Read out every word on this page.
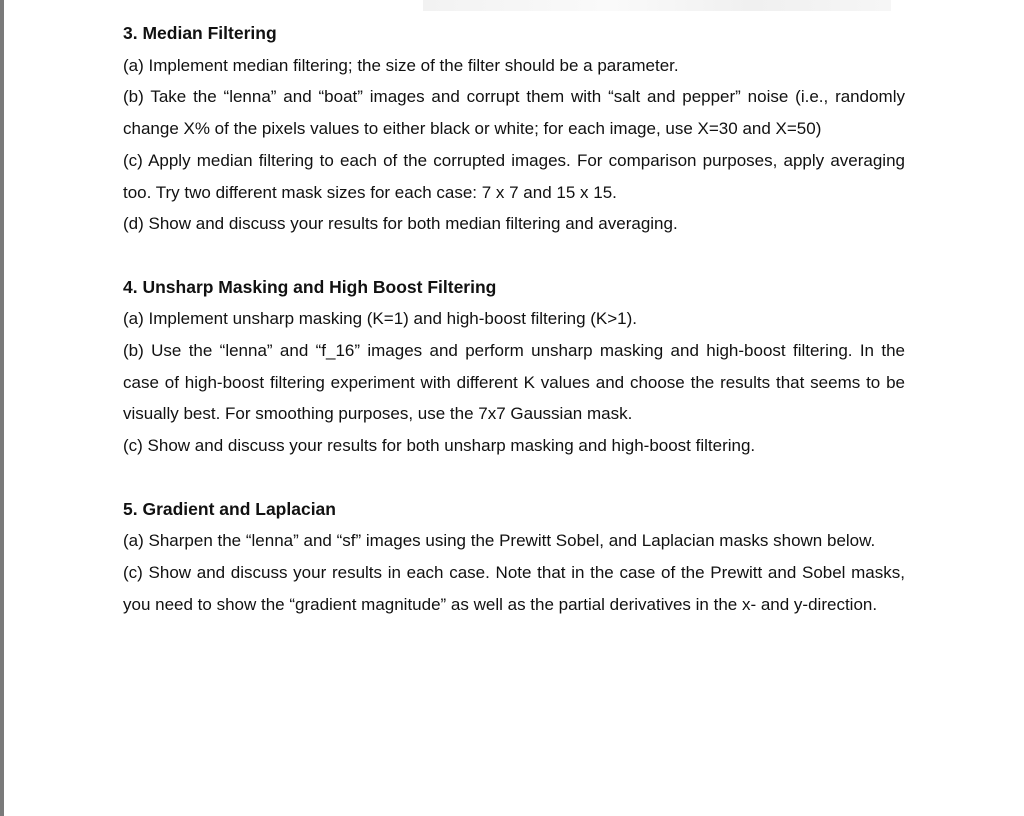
3. Median Filtering
(a) Implement median filtering; the size of the filter should be a parameter.
(b) Take the “lenna” and “boat” images and corrupt them with “salt and pepper” noise (i.e., randomly change X% of the pixels values to either black or white; for each image, use X=30 and X=50)
(c) Apply median filtering to each of the corrupted images. For comparison purposes, apply averaging too. Try two different mask sizes for each case: 7 x 7 and 15 x 15.
(d) Show and discuss your results for both median filtering and averaging.
4. Unsharp Masking and High Boost Filtering
(a) Implement unsharp masking (K=1) and high-boost filtering (K>1).
(b) Use the “lenna” and “f_16” images and perform unsharp masking and high-boost filtering. In the case of high-boost filtering experiment with different K values and choose the results that seems to be visually best. For smoothing purposes, use the 7x7 Gaussian mask.
(c) Show and discuss your results for both unsharp masking and high-boost filtering.
5. Gradient and Laplacian
(a) Sharpen the “lenna” and “sf” images using the Prewitt Sobel, and Laplacian masks shown below.
(c) Show and discuss your results in each case. Note that in the case of the Prewitt and Sobel masks, you need to show the “gradient magnitude” as well as the partial derivatives in the x- and y-direction.
